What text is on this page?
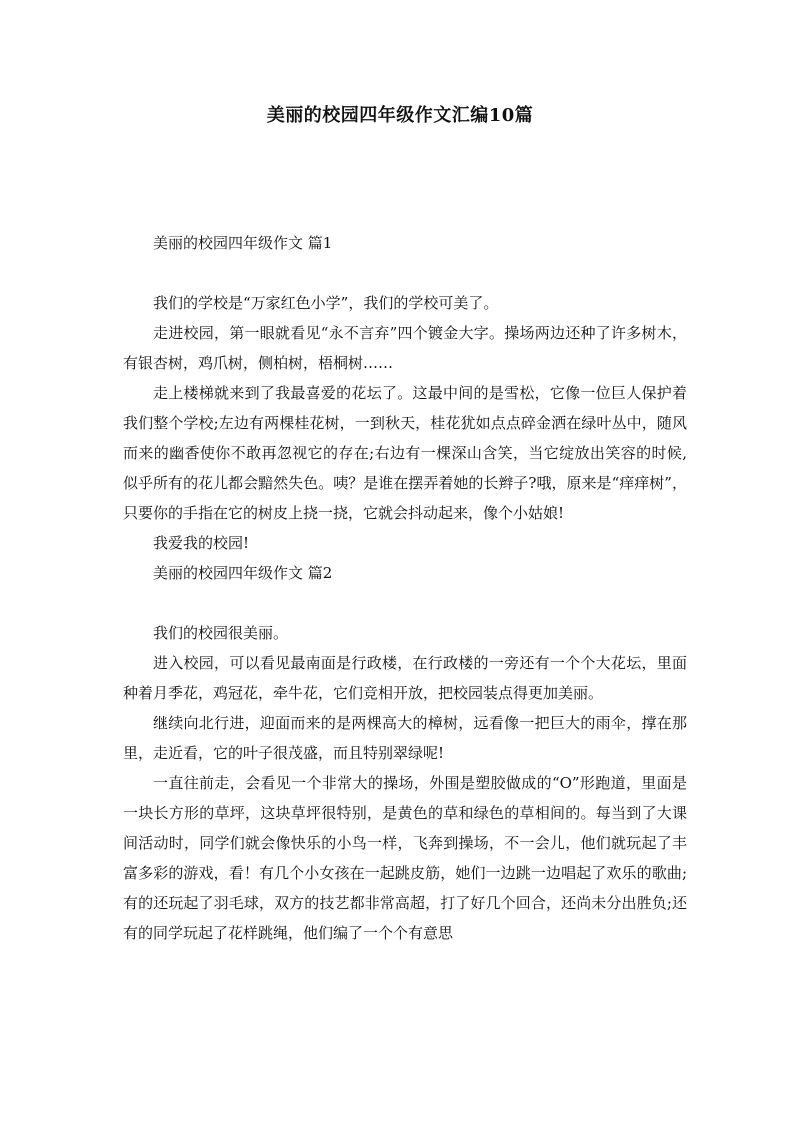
美丽的校园四年级作文汇编10篇

美丽的校园四年级作文 篇1

我们的学校是“万家红色小学”，我们的学校可美了。

走进校园，第一眼就看见“永不言弃”四个镀金大字。操场两边还种了许多树木，有银杏树，鸡爪树，侧柏树，梧桐树……

走上楼梯就来到了我最喜爱的花坛了。这最中间的是雪松，它像一位巨人保护着我们整个学校;左边有两棵桂花树，一到秋天，桂花犹如点点碎金洒在绿叶丛中，随风而来的幽香使你不敢再忽视它的存在;右边有一棵深山含笑，当它绽放出笑容的时候,似乎所有的花儿都会黯然失色。咦？是谁在摆弄着她的长辫子?哦，原来是“痒痒树”，只要你的手指在它的树皮上挠一挠，它就会抖动起来，像个小姑娘!

我爱我的校园!

美丽的校园四年级作文 篇2

我们的校园很美丽。

进入校园，可以看见最南面是行政楼，在行政楼的一旁还有一个个大花坛，里面种着月季花，鸡冠花，牵牛花，它们竞相开放，把校园装点得更加美丽。

继续向北行进，迎面而来的是两棵高大的樟树，远看像一把巨大的雨伞，撑在那里，走近看，它的叶子很茂盛，而且特别翠绿呢!

一直往前走，会看见一个非常大的操场，外围是塑胶做成的“O”形跑道，里面是一块长方形的草坪，这块草坪很特别，是黄色的草和绿色的草相间的。每当到了大课间活动时，同学们就会像快乐的小鸟一样，飞奔到操场，不一会儿，他们就玩起了丰富多彩的游戏，看！有几个小女孩在一起跳皮筋，她们一边跳一边唱起了欢乐的歌曲;有的还玩起了羽毛球，双方的技艺都非常高超，打了好几个回合，还尚未分出胜负;还有的同学玩起了花样跳绳，他们编了一个个有意思
